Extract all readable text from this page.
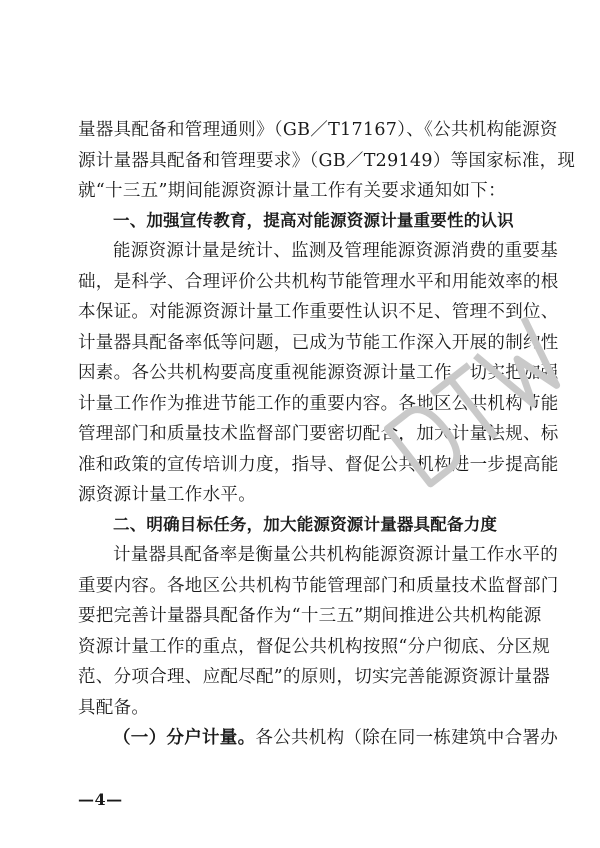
量器具配备和管理通则》（GB／T17167）、《公共机构能源资
源计量器具配备和管理要求》（GB／T29149）等国家标准，现
就“十三五”期间能源资源计量工作有关要求通知如下：
一、加强宣传教育，提高对能源资源计量重要性的认识
能源资源计量是统计、监测及管理能源资源消费的重要基
础，是科学、合理评价公共机构节能管理水平和用能效率的根
本保证。对能源资源计量工作重要性认识不足、管理不到位、
计量器具配备率低等问题，已成为节能工作深入开展的制约性
因素。各公共机构要高度重视能源资源计量工作，切实把加强
计量工作作为推进节能工作的重要内容。各地区公共机构节能
管理部门和质量技术监督部门要密切配合，加大计量法规、标
准和政策的宣传培训力度，指导、督促公共机构进一步提高能
源资源计量工作水平。
二、明确目标任务，加大能源资源计量器具配备力度
计量器具配备率是衡量公共机构能源资源计量工作水平的
重要内容。各地区公共机构节能管理部门和质量技术监督部门
要把完善计量器具配备作为“十三五”期间推进公共机构能源
资源计量工作的重点，督促公共机构按照“分户彻底、分区规
范、分项合理、应配尽配”的原则，切实完善能源资源计量器
具配备。
（一）分户计量。各公共机构（除在同一栋建筑中合署办
—4—
